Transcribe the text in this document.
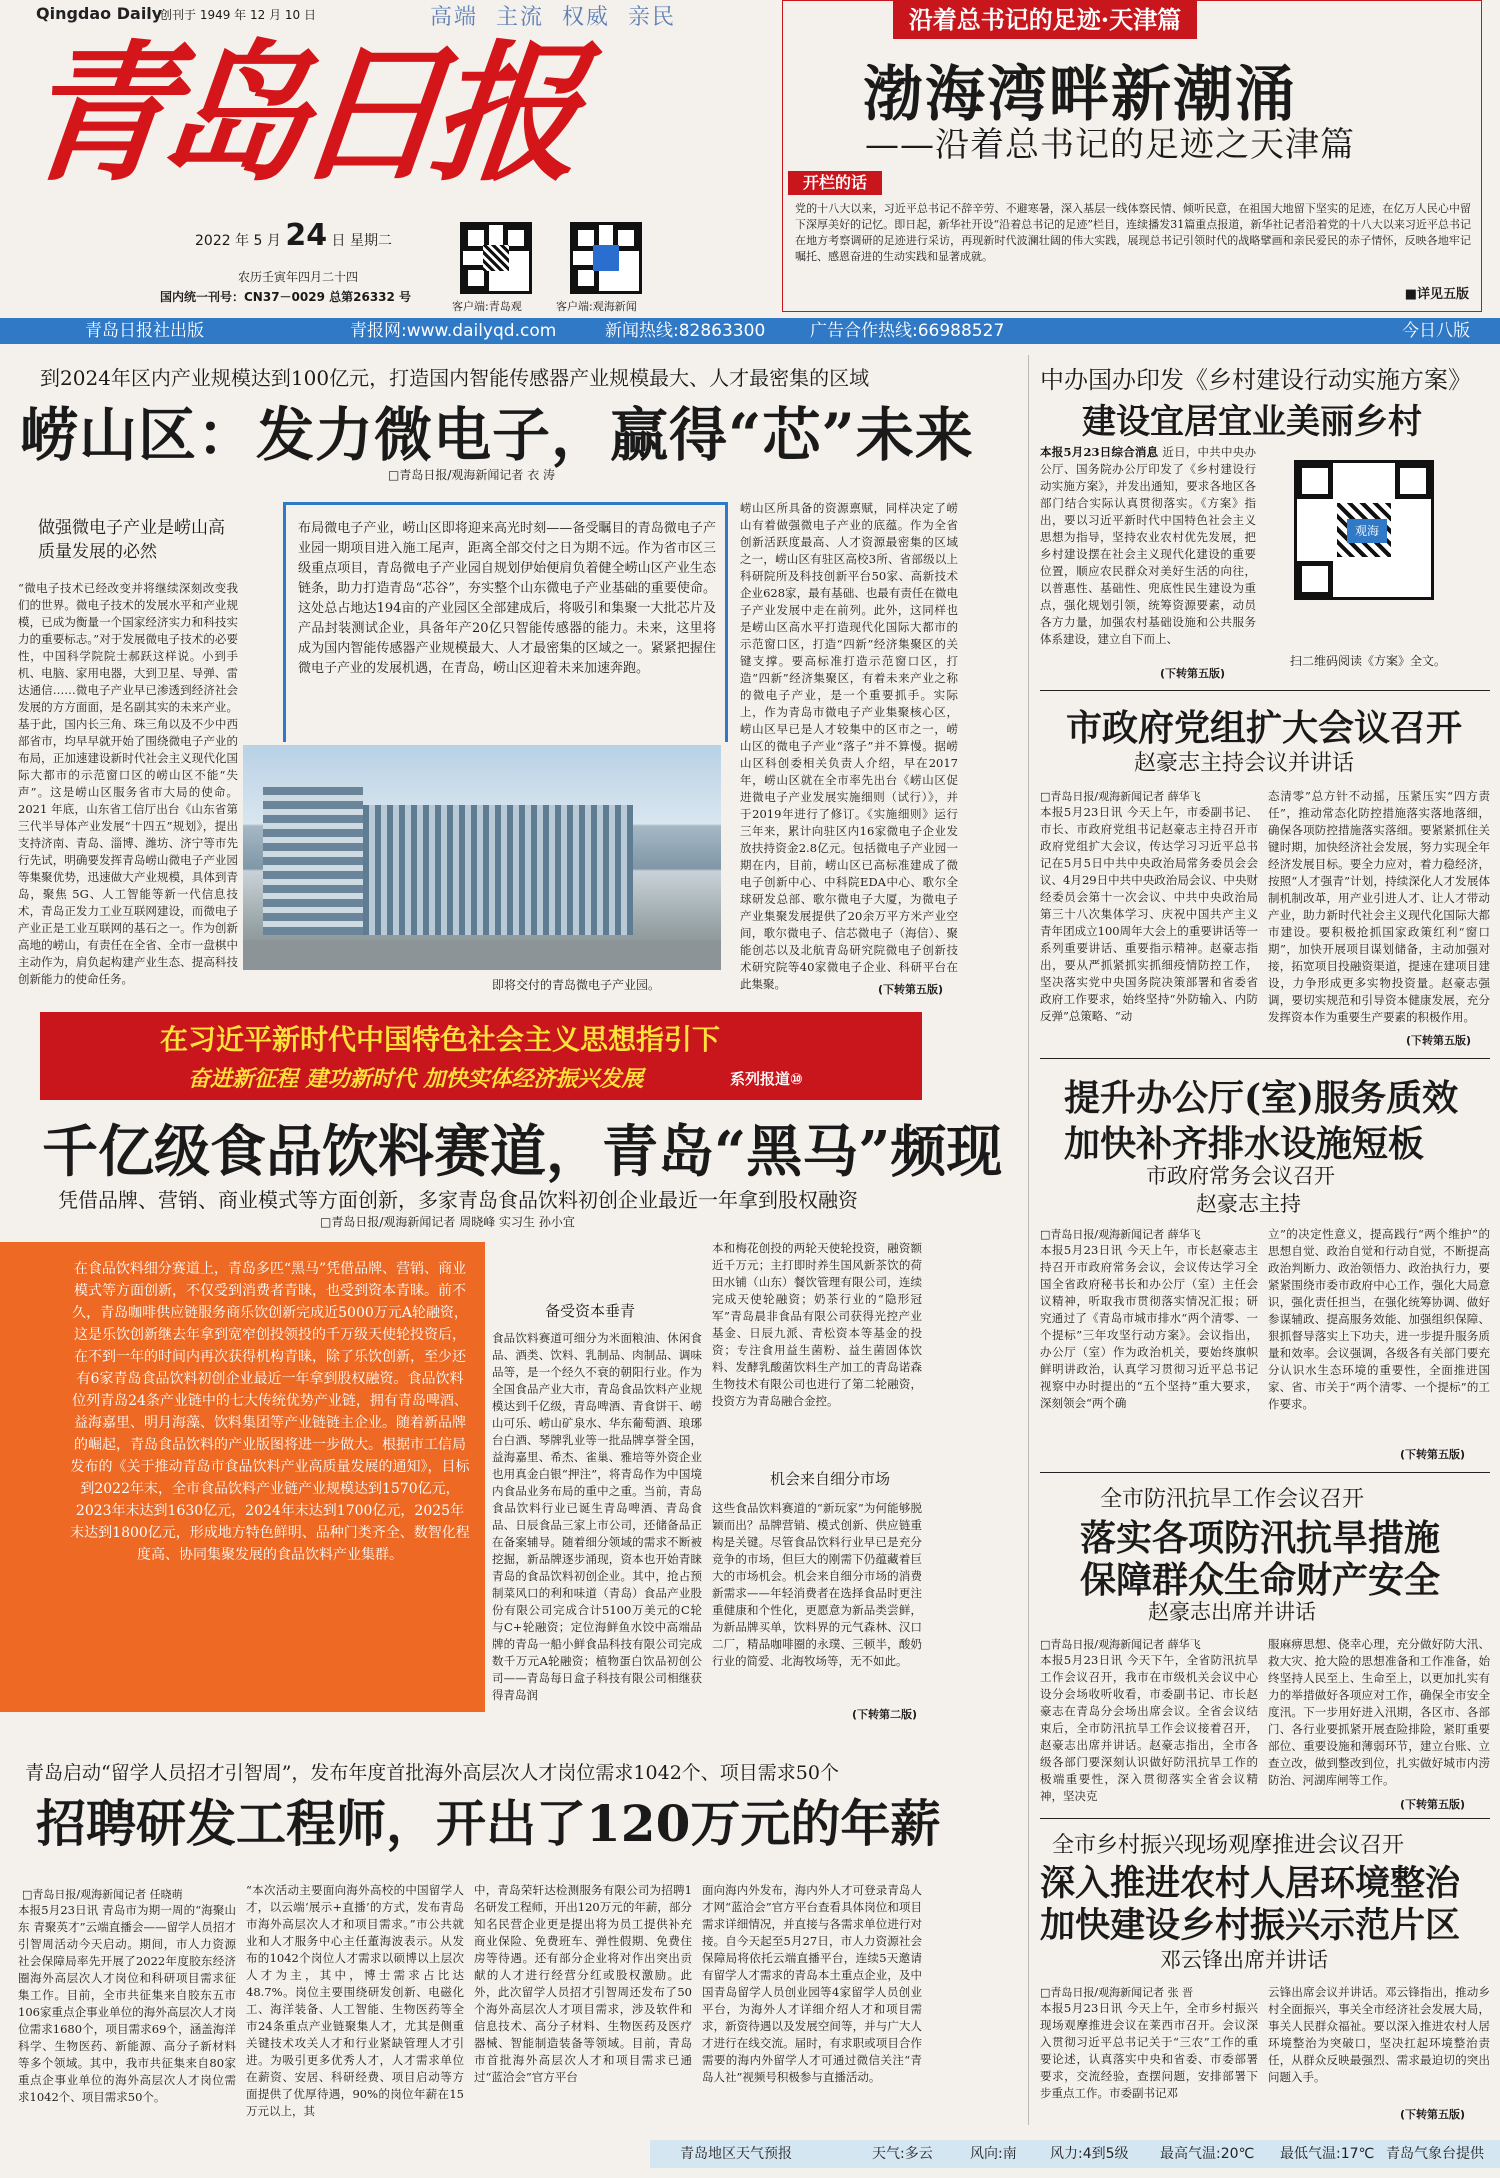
Qingdao Daily
创刊于 1949 年 12 月 10 日	高端 主流 权威 亲民
青岛日报
2022 年 5 月 24 日 星期二
农历壬寅年四月二十四
国内统一刊号：CN37－0029 总第26332 号
客户端:青岛观	客户端:观海新闻
沿着总书记的足迹·天津篇
渤海湾畔新潮涌
——沿着总书记的足迹之天津篇
开栏的话
党的十八大以来，习近平总书记不辞辛劳、不避寒暑，深入基层一线体察民情、倾听民意，在祖国大地留下坚实的足迹，在亿万人民心中留下深厚美好的记忆。即日起，新华社开设“沿着总书记的足迹”栏目，连续播发31篇重点报道，新华社记者沿着党的十八大以来习近平总书记在地方考察调研的足迹进行采访，再现新时代波澜壮阔的伟大实践，展现总书记引领时代的战略擘画和亲民爱民的赤子情怀，反映各地牢记嘱托、感恩奋进的生动实践和显著成就。
■详见五版
青岛日报社出版	青报网:www.dailyqd.com	新闻热线:82863300	广告合作热线:66988527	今日八版
到2024年区内产业规模达到100亿元，打造国内智能传感器产业规模最大、人才最密集的区域
崂山区：发力微电子，赢得“芯”未来
□青岛日报/观海新闻记者 衣 涛
做强微电子产业是崂山高质量发展的必然
“微电子技术已经改变并将继续深刻改变我们的世界。微电子技术的发展水平和产业规模，已成为衡量一个国家经济实力和科技实力的重要标志。”对于发展微电子技术的必要性，中国科学院院士郝跃这样说。小到手机、电脑、家用电器，大到卫星、导弹、雷达通信……微电子产业早已渗透到经济社会发展的方方面面，是名副其实的未来产业。基于此，国内长三角、珠三角以及不少中西部省市，均早早就开始了围绕微电子产业的布局，正加速建设新时代社会主义现代化国际大都市的示范窗口区的崂山区不能“失声”。这是崂山区服务省市大局的使命。2021 年底，山东省工信厅出台《山东省第三代半导体产业发展“十四五”规划》，提出支持济南、青岛、淄博、潍坊、济宁等市先行先试，明确要发挥青岛崂山微电子产业园等集聚优势，迅速做大产业规模，具体到青岛，聚焦 5G、人工智能等新一代信息技术，青岛正发力工业互联网建设，而微电子产业正是工业互联网的基石之一。作为创新高地的崂山，有责任在全省、全市一盘棋中主动作为，肩负起构建产业生态、提高科技创新能力的使命任务。
布局微电子产业，崂山区即将迎来高光时刻——备受瞩目的青岛微电子产业园一期项目进入施工尾声，距离全部交付之日为期不远。作为省市区三级重点项目，青岛微电子产业园自规划伊始便肩负着健全崂山区产业生态链条，助力打造青岛“芯谷”，夯实整个山东微电子产业基础的重要使命。这处总占地达194亩的产业园区全部建成后，将吸引和集聚一大批芯片及产品封装测试企业，具备年产20亿只智能传感器的能力。未来，这里将成为国内智能传感器产业规模最大、人才最密集的区域之一。紧紧把握住微电子产业的发展机遇，在青岛，崂山区迎着未来加速奔跑。
即将交付的青岛微电子产业园。
崂山区所具备的资源禀赋，同样决定了崂山有着做强微电子产业的底蕴。作为全省创新活跃度最高、人才资源最密集的区域之一，崂山区有驻区高校3所、省部级以上科研院所及科技创新平台50家、高新技术企业628家，最有基础、也最有责任在微电子产业发展中走在前列。此外，这同样也是崂山区高水平打造现代化国际大都市的示范窗口区，打造“四新”经济集聚区的关键支撑。要高标准打造示范窗口区，打造“四新”经济集聚区，有着未来产业之称的微电子产业，是一个重要抓手。实际上，作为青岛市微电子产业集聚核心区，崂山区早已是人才较集中的区市之一，崂山区的微电子产业“落子”并不算慢。据崂山区科创委相关负责人介绍，早在2017年，崂山区就在全市率先出台《崂山区促进微电子产业发展实施细则（试行）》，并于2019年进行了修订。《实施细则》运行三年来，累计向驻区内16家微电子企业发放扶持资金2.8亿元。包括微电子产业园一期在内，目前，崂山区已高标准建成了微电子创新中心、中科院EDA中心、歌尔全球研发总部、歌尔微电子大厦，为微电子产业集聚发展提供了20余万平方米产业空间，歌尔微电子、信芯微电子（海信）、聚能创芯以及北航青岛研究院微电子创新技术研究院等40家微电子企业、科研平台在此集聚。	(下转第五版)
在习近平新时代中国特色社会主义思想指引下
奋进新征程 建功新时代 加快实体经济振兴发展	系列报道⑩
千亿级食品饮料赛道，青岛“黑马”频现
凭借品牌、营销、商业模式等方面创新，多家青岛食品饮料初创企业最近一年拿到股权融资
□青岛日报/观海新闻记者 周晓峰 实习生 孙小宜
在食品饮料细分赛道上，青岛多匹“黑马”凭借品牌、营销、商业模式等方面创新，不仅受到消费者青睐，也受到资本青睐。前不久，青岛咖啡供应链服务商乐饮创新完成近5000万元A轮融资，这是乐饮创新继去年拿到宽窄创投领投的千万级天使轮投资后，在不到一年的时间内再次获得机构青睐，除了乐饮创新，至少还有6家青岛食品饮料初创企业最近一年拿到股权融资。食品饮料位列青岛24条产业链中的七大传统优势产业链，拥有青岛啤酒、益海嘉里、明月海藻、饮料集团等产业链链主企业。随着新品牌的崛起，青岛食品饮料的产业版图将进一步做大。根据市工信局发布的《关于推动青岛市食品饮料产业高质量发展的通知》，目标到2022年末，全市食品饮料产业链产业规模达到1570亿元，2023年末达到1630亿元，2024年末达到1700亿元，2025年末达到1800亿元，形成地方特色鲜明、品种门类齐全、数智化程度高、协同集聚发展的食品饮料产业集群。
备受资本垂青
食品饮料赛道可细分为米面粮油、休闲食品、酒类、饮料、乳制品、肉制品、调味品等，是一个经久不衰的朝阳行业。作为全国食品产业大市，青岛食品饮料产业规模达到千亿级，青岛啤酒、青食饼干、崂山可乐、崂山矿泉水、华东葡萄酒、琅琊台白酒、琴牌乳业等一批品牌享誉全国，益海嘉里、希杰、雀巢、雅培等外资企业也用真金白银“押注”，将青岛作为中国境内食品业务布局的重中之重。当前，青岛食品饮料行业已诞生青岛啤酒、青岛食品、日辰食品三家上市公司，还储备品正在备案辅导。随着细分领域的需求不断被挖掘，新品牌逐步涌现，资本也开始青睐青岛的食品饮料初创企业。其中，抢占预制菜风口的利和味道（青岛）食品产业股份有限公司完成合计5100万美元的C轮与C+轮融资；定位海鲜鱼水饺中高端品牌的青岛一船小鲜食品科技有限公司完成数千万元A轮融资；植物蛋白饮品初创公司——青岛每日盒子科技有限公司相继获得青岛润
本和梅花创投的两轮天使轮投资，融资额近千万元；主打即时养生国风新茶饮的荷田水铺（山东）餐饮管理有限公司，连续完成天使轮融资；奶茶行业的“隐形冠军”青岛晨非食品有限公司获得光控产业基金、日辰九派、青松资本等基金的投资；专注食用益生菌粉、益生菌固体饮料、发酵乳酸菌饮料生产加工的青岛诺森生物技术有限公司也进行了第二轮融资，投资方为青岛融合金控。
机会来自细分市场
这些食品饮料赛道的“新玩家”为何能够脱颖而出？品牌营销、模式创新、供应链重构是关键。尽管食品饮料行业早已是充分竞争的市场，但巨大的刚需下仍蕴藏着巨大的市场机会。机会来自细分市场的消费新需求——年轻消费者在选择食品时更注重健康和个性化，更愿意为新品类尝鲜，为新品牌买单，饮料界的元气森林、汉口二厂，精品咖啡圈的永璞、三顿半，酸奶行业的简爱、北海牧场等，无不如此。
(下转第二版)
青岛启动“留学人员招才引智周”，发布年度首批海外高层次人才岗位需求1042个、项目需求50个
招聘研发工程师，开出了120万元的年薪
□青岛日报/观海新闻记者 任晓萌
本报5月23日讯 青岛市为期一周的“海聚山东 青聚英才”云端直播会——留学人员招才引智周活动今天启动。期间，市人力资源社会保障局率先开展了2022年度胶东经济圈海外高层次人才岗位和科研项目需求征集工作。目前，全市共征集来自胶东五市106家重点企事业单位的海外高层次人才岗位需求1680个，项目需求69个，涵盖海洋科学、生物医药、新能源、高分子新材料等多个领域。其中，我市共征集来自80家重点企事业单位的海外高层次人才岗位需求1042个、项目需求50个。
“本次活动主要面向海外高校的中国留学人才，以云端‘展示+直播’的方式，发布青岛市海外高层次人才和项目需求。”市公共就业和人才服务中心主任董海波表示。从发布的1042个岗位人才需求以硕博以上层次人才为主，其中，博士需求占比达48.7%。岗位主要围绕研发创新、电磁化工、海洋装备、人工智能、生物医药等全市24条重点产业链聚集人才，尤其是侧重关键技术攻关人才和行业紧缺管理人才引进。为吸引更多优秀人才，人才需求单位在薪资、安居、科研经费、项目启动等方面提供了优厚待遇，90%的岗位年薪在15万元以上，其
中，青岛荣轩达检测服务有限公司为招聘1名研发工程师，开出120万元的年薪，部分知名民营企业更是提出将为员工提供补充商业保险、免费班车、弹性假期、免费住房等待遇。还有部分企业将对作出突出贡献的人才进行经营分红或股权激励。此外，此次留学人员招才引智周还发布了50个海外高层次人才项目需求，涉及软件和信息技术、高分子材料、生物医药及医疗器械、智能制造装备等领域。目前，青岛市首批海外高层次人才和项目需求已通过“蓝洽会”官方平台
面向海内外发布，海内外人才可登录青岛人才网“蓝洽会”官方平台查看具体岗位和项目需求详细情况，并直接与各需求单位进行对接。自今天起至5月27日，市人力资源社会保障局将依托云端直播平台，连续5天邀请有留学人才需求的青岛本土重点企业，及中国青岛留学人员创业园等4家留学人员创业平台，为海外人才详细介绍人才和项目需求，新资待遇以及发展空间等，并与广大人才进行在线交流。届时，有求职或项目合作需要的海内外留学人才可通过微信关注“青岛人社”视频号积极参与直播活动。
中办国办印发《乡村建设行动实施方案》
建设宜居宜业美丽乡村
本报5月23日综合消息 近日，中共中央办公厅、国务院办公厅印发了《乡村建设行动实施方案》，并发出通知，要求各地区各部门结合实际认真贯彻落实。《方案》指出，要以习近平新时代中国特色社会主义思想为指导，坚持农业农村优先发展，把乡村建设摆在社会主义现代化建设的重要位置，顺应农民群众对美好生活的向往，以普惠性、基础性、兜底性民生建设为重点，强化规划引领，统筹资源要素，动员各方力量，加强农村基础设施和公共服务体系建设，建立自下而上、
(下转第五版)
观海
扫二维码阅读《方案》全文。
市政府党组扩大会议召开
赵豪志主持会议并讲话
□青岛日报/观海新闻记者 薛华飞
本报5月23日讯 今天上午，市委副书记、市长、市政府党组书记赵豪志主持召开市政府党组扩大会议，传达学习习近平总书记在5月5日中共中央政治局常务委员会会议、4月29日中共中央政治局会议、中央财经委员会第十一次会议、中共中央政治局第三十八次集体学习、庆祝中国共产主义青年团成立100周年大会上的重要讲话等一系列重要讲话、重要指示精神。赵豪志指出，要从严抓紧抓实抓细疫情防控工作，坚决落实党中央国务院决策部署和省委省政府工作要求，始终坚持“外防输入、内防反弹”总策略、“动
态清零”总方针不动摇，压紧压实“四方责任”，推动常态化防控措施落实落地落细，确保各项防控措施落实落细。要紧紧抓住关键时期，加快经济社会发展，努力实现全年经济发展目标。要全力应对，着力稳经济，按照“人才强青”计划，持续深化人才发展体制机制改革，用产业引进人才、让人才带动产业，助力新时代社会主义现代化国际大都市建设。要积极抢抓国家政策红利“窗口期”，加快开展项目谋划储备，主动加强对接，拓宽项目投融资渠道，提速在建项目建设，力争形成更多实物投资量。赵豪志强调，要切实规范和引导资本健康发展，充分发挥资本作为重要生产要素的积极作用。
(下转第五版)
提升办公厅(室)服务质效
加快补齐排水设施短板
市政府常务会议召开
赵豪志主持
□青岛日报/观海新闻记者 薛华飞
本报5月23日讯 今天上午，市长赵豪志主持召开市政府常务会议，会议传达学习全国全省政府秘书长和办公厅（室）主任会议精神，听取我市贯彻落实情况汇报；研究通过了《青岛市城市排水“两个清零、一个提标”三年攻坚行动方案》。会议指出，办公厅（室）作为政治机关，要始终旗帜鲜明讲政治，认真学习贯彻习近平总书记视察中办时提出的“五个坚持”重大要求，深刻领会“两个确
立”的决定性意义，提高践行“两个维护”的思想自觉、政治自觉和行动自觉，不断提高政治判断力、政治领悟力、政治执行力，要紧紧围绕市委市政府中心工作，强化大局意识，强化责任担当，在强化统筹协调、做好参谋辅政、提高服务效能、加强组织保障、狠抓督导落实上下功夫，进一步提升服务质量和效率。会议强调，各级各有关部门要充分认识水生态环境的重要性，全面推进国家、省、市关于“两个清零、一个提标”的工作要求。
(下转第五版)
全市防汛抗旱工作会议召开
落实各项防汛抗旱措施
保障群众生命财产安全
赵豪志出席并讲话
□青岛日报/观海新闻记者 薛华飞
本报5月23日讯 今天下午，全省防汛抗旱工作会议召开，我市在市级机关会议中心设分会场收听收看，市委副书记、市长赵豪志在青岛分会场出席会议。全省会议结束后，全市防汛抗旱工作会议接着召开，赵豪志出席并讲话。赵豪志指出，全市各级各部门要深刻认识做好防汛抗旱工作的极端重要性，深入贯彻落实全省会议精神，坚决克
服麻痹思想、侥幸心理，充分做好防大汛、救大灾、抢大险的思想准备和工作准备，始终坚持人民至上、生命至上，以更加扎实有力的举措做好各项应对工作，确保全市安全度汛。下一步用好进入汛期，各区市、各部门、各行业要抓紧开展查险排险，紧盯重要部位、重要设施和薄弱环节，建立台账、立查立改，做到整改到位，扎实做好城市内涝防治、河湖库闸等工作。
(下转第五版)
全市乡村振兴现场观摩推进会议召开
深入推进农村人居环境整治
加快建设乡村振兴示范片区
邓云锋出席并讲话
□青岛日报/观海新闻记者 张 晋
本报5月23日讯 今天上午，全市乡村振兴现场观摩推进会议在莱西市召开。会议深入贯彻习近平总书记关于“三农”工作的重要论述，认真落实中央和省委、市委部署要求，交流经验，查摆问题，安排部署下步重点工作。市委副书记邓
云锋出席会议并讲话。邓云锋指出，推动乡村全面振兴，事关全市经济社会发展大局，事关人民群众福祉。要以深入推进农村人居环境整治为突破口，坚决扛起环境整治责任，从群众反映最强烈、需求最迫切的突出问题入手。
(下转第五版)
青岛地区天气预报	天气:多云	风向:南 风力:4到5级 最高气温:20℃ 最低气温:17℃ 青岛气象台提供
